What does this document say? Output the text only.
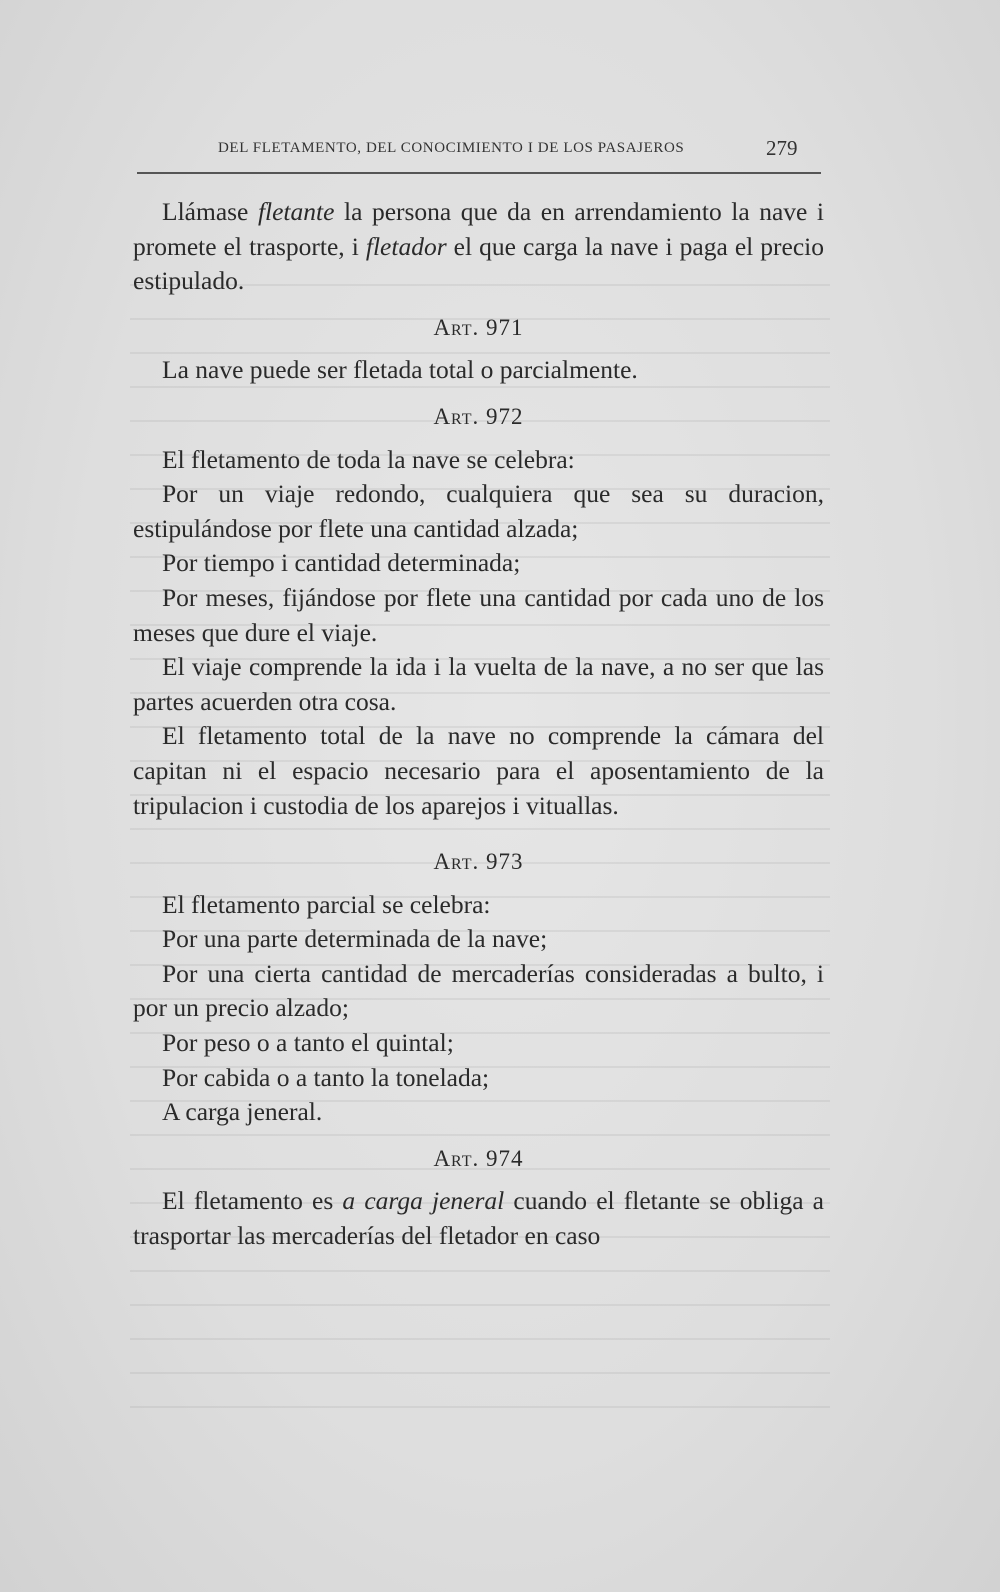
DEL FLETAMENTO, DEL CONOCIMIENTO I DE LOS PASAJEROS	279

Llámase fletante la persona que da en arrendamiento la nave i promete el trasporte, i fletador el que carga la nave i paga el precio estipulado.

Art. 971

La nave puede ser fletada total o parcialmente.

Art. 972

El fletamento de toda la nave se celebra:

Por un viaje redondo, cualquiera que sea su duracion, estipulándose por flete una cantidad alzada;

Por tiempo i cantidad determinada;

Por meses, fijándose por flete una cantidad por cada uno de los meses que dure el viaje.

El viaje comprende la ida i la vuelta de la nave, a no ser que las partes acuerden otra cosa.

El fletamento total de la nave no comprende la cámara del capitan ni el espacio necesario para el aposentamiento de la tripulacion i custodia de los aparejos i vituallas.

Art. 973

El fletamento parcial se celebra:

Por una parte determinada de la nave;

Por una cierta cantidad de mercaderías consideradas a bulto, i por un precio alzado;

Por peso o a tanto el quintal;

Por cabida o a tanto la tonelada;

A carga jeneral.

Art. 974

El fletamento es a carga jeneral cuando el fletante se obliga a trasportar las mercaderías del fletador en caso
